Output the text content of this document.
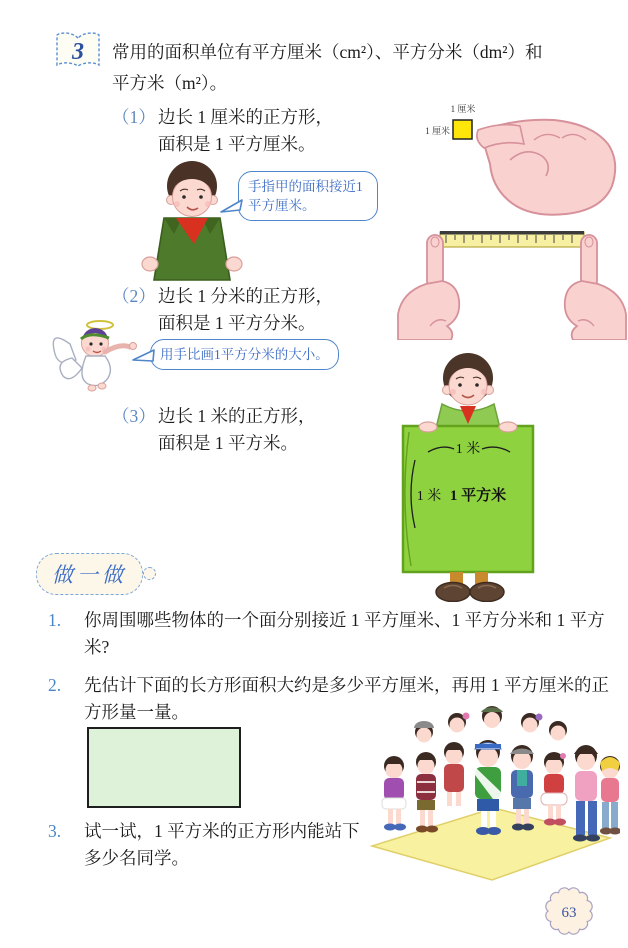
3 常用的面积单位有平方厘米（cm²）、平方分米（dm²）和
平方米（m²）。
（1） 边长 1 厘米的正方形，
面积是 1 平方厘米。
1 厘米
1 厘米
手指甲的面积接近1平方厘米。
（2） 边长 1 分米的正方形，
面积是 1 平方分米。
用手比画1平方分米的大小。
（3） 边长 1 米的正方形，
面积是 1 平方米。	1 米
1 米 1 平方米
做一做
1.	你周围哪些物体的一个面分别接近 1 平方厘米、1 平方分米和 1 平方米?
2.	先估计下面的长方形面积大约是多少平方厘米，再用 1 平方厘米的正方形量一量。
3.	试一试，1 平方米的正方形内能站下多少名同学。
63
